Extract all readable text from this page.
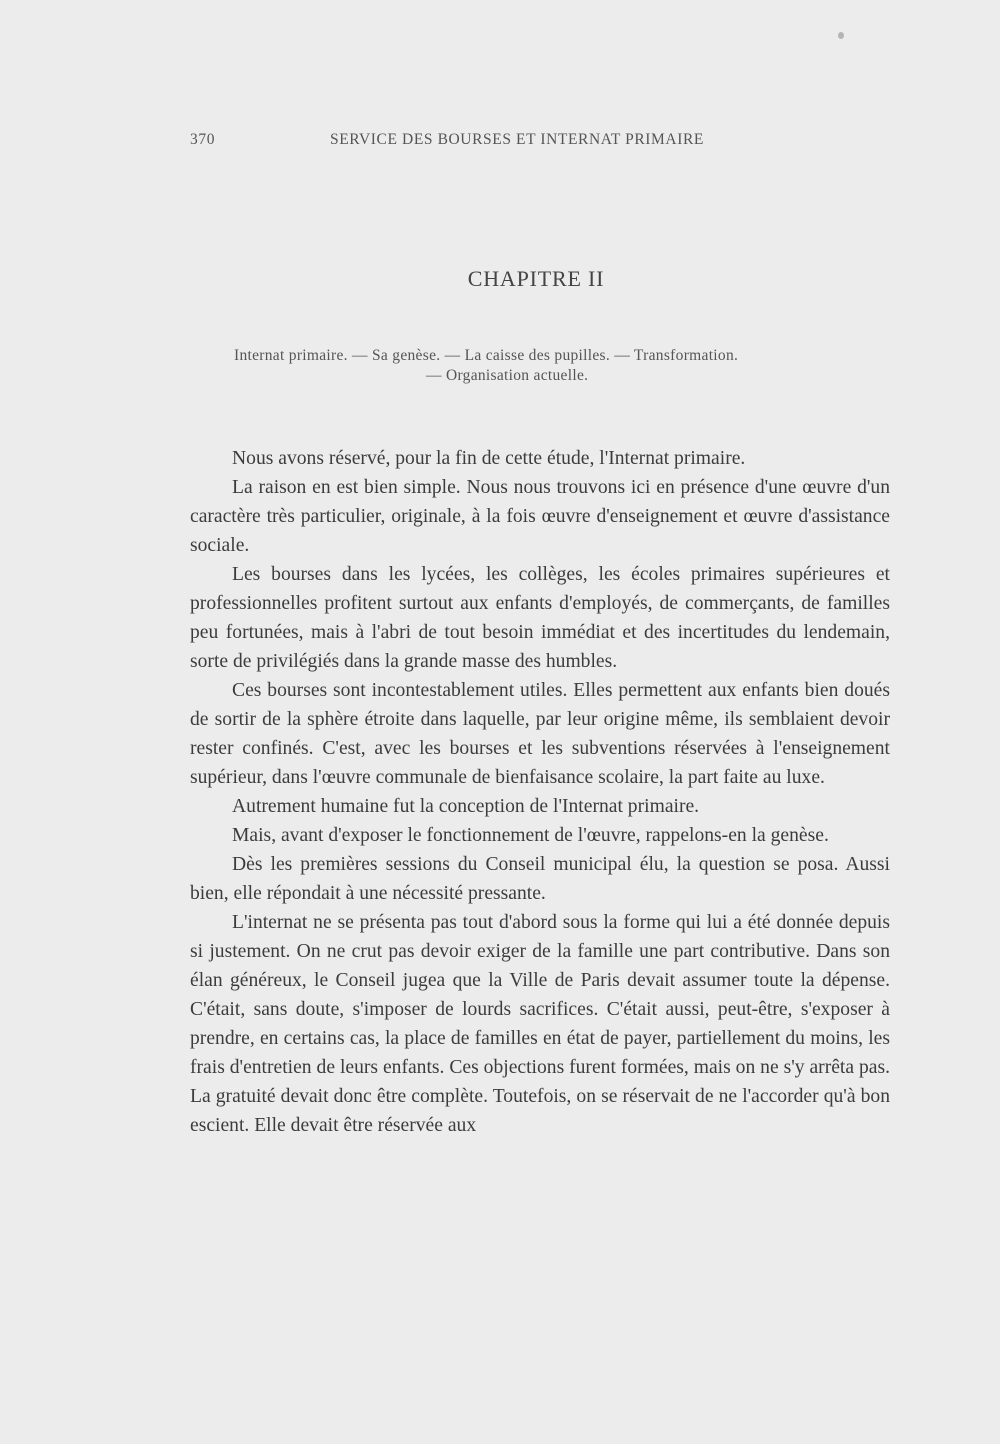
370	SERVICE DES BOURSES ET INTERNAT PRIMAIRE
CHAPITRE II
Internat primaire. — Sa genèse. — La caisse des pupilles. — Transformation.
— Organisation actuelle.

Nous avons réservé, pour la fin de cette étude, l'Internat primaire.

La raison en est bien simple. Nous nous trouvons ici en présence d'une œuvre d'un caractère très particulier, originale, à la fois œuvre d'enseignement et œuvre d'assistance sociale.

Les bourses dans les lycées, les collèges, les écoles primaires supérieures et professionnelles profitent surtout aux enfants d'employés, de commerçants, de familles peu fortunées, mais à l'abri de tout besoin immédiat et des incertitudes du lendemain, sorte de privilégiés dans la grande masse des humbles.

Ces bourses sont incontestablement utiles. Elles permettent aux enfants bien doués de sortir de la sphère étroite dans laquelle, par leur origine même, ils semblaient devoir rester confinés. C'est, avec les bourses et les subventions réservées à l'enseignement supérieur, dans l'œuvre communale de bienfaisance scolaire, la part faite au luxe.

Autrement humaine fut la conception de l'Internat primaire.

Mais, avant d'exposer le fonctionnement de l'œuvre, rappelons-en la genèse.

Dès les premières sessions du Conseil municipal élu, la question se posa. Aussi bien, elle répondait à une nécessité pressante.

L'internat ne se présenta pas tout d'abord sous la forme qui lui a été donnée depuis si justement. On ne crut pas devoir exiger de la famille une part contributive. Dans son élan généreux, le Conseil jugea que la Ville de Paris devait assumer toute la dépense. C'était, sans doute, s'imposer de lourds sacrifices. C'était aussi, peut-être, s'exposer à prendre, en certains cas, la place de familles en état de payer, partiellement du moins, les frais d'entretien de leurs enfants. Ces objections furent formées, mais on ne s'y arrêta pas. La gratuité devait donc être complète. Toutefois, on se réservait de ne l'accorder qu'à bon escient. Elle devait être réservée aux
